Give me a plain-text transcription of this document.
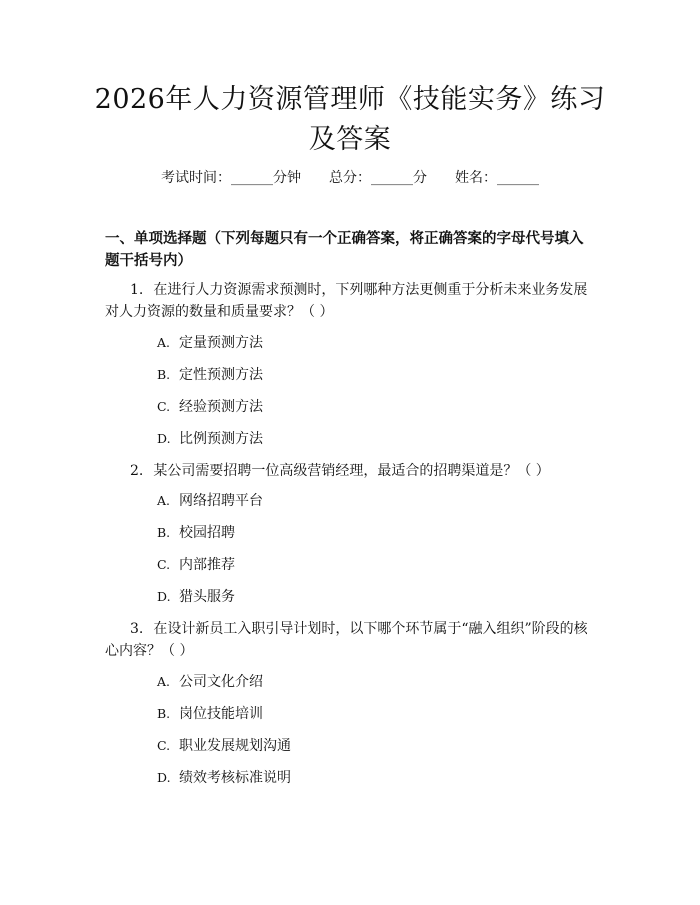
2026年人力资源管理师《技能实务》练习及答案
考试时间：______分钟 总分：______分 姓名：______
一、单项选择题（下列每题只有一个正确答案，将正确答案的字母代号填入题干括号内）
1. 在进行人力资源需求预测时，下列哪种方法更侧重于分析未来业务发展对人力资源的数量和质量要求？（ ）
A. 定量预测方法
B. 定性预测方法
C. 经验预测方法
D. 比例预测方法
2. 某公司需要招聘一位高级营销经理，最适合的招聘渠道是？（ ）
A. 网络招聘平台
B. 校园招聘
C. 内部推荐
D. 猎头服务
3. 在设计新员工入职引导计划时，以下哪个环节属于“融入组织”阶段的核心内容？（ ）
A. 公司文化介绍
B. 岗位技能培训
C. 职业发展规划沟通
D. 绩效考核标准说明
